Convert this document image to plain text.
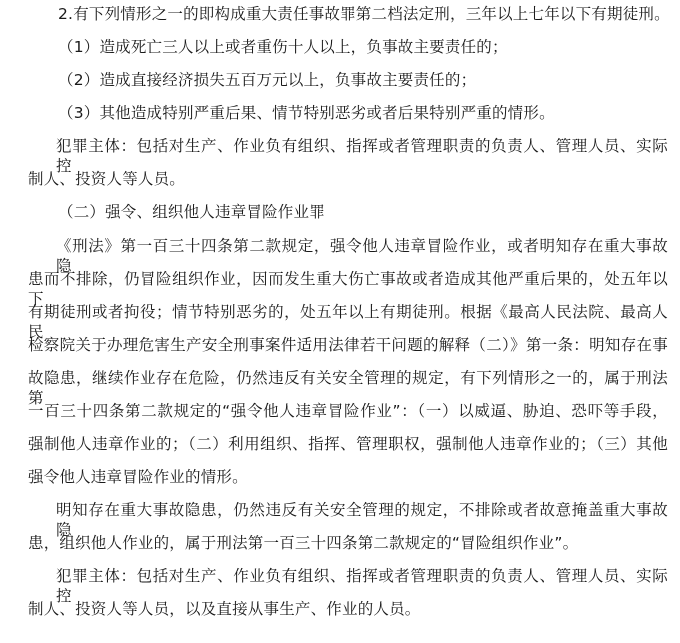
2.有下列情形之一的即构成重大责任事故罪第二档法定刑，三年以上七年以下有期徒刑。
（1）造成死亡三人以上或者重伤十人以上，负事故主要责任的；
（2）造成直接经济损失五百万元以上，负事故主要责任的；
（3）其他造成特别严重后果、情节特别恶劣或者后果特别严重的情形。
犯罪主体：包括对生产、作业负有组织、指挥或者管理职责的负责人、管理人员、实际控
制人、投资人等人员。
（二）强令、组织他人违章冒险作业罪
《刑法》第一百三十四条第二款规定，强令他人违章冒险作业，或者明知存在重大事故隐
患而不排除，仍冒险组织作业，因而发生重大伤亡事故或者造成其他严重后果的，处五年以下
有期徒刑或者拘役；情节特别恶劣的，处五年以上有期徒刑。根据《最高人民法院、最高人民
检察院关于办理危害生产安全刑事案件适用法律若干问题的解释（二）》第一条：明知存在事
故隐患，继续作业存在危险，仍然违反有关安全管理的规定，有下列情形之一的，属于刑法第
一百三十四条第二款规定的“强令他人违章冒险作业”：（一）以威逼、胁迫、恐吓等手段，
强制他人违章作业的；（二）利用组织、指挥、管理职权，强制他人违章作业的；（三）其他
强令他人违章冒险作业的情形。
明知存在重大事故隐患，仍然违反有关安全管理的规定，不排除或者故意掩盖重大事故隐
患，组织他人作业的，属于刑法第一百三十四条第二款规定的“冒险组织作业”。
犯罪主体：包括对生产、作业负有组织、指挥或者管理职责的负责人、管理人员、实际控
制人、投资人等人员，以及直接从事生产、作业的人员。
